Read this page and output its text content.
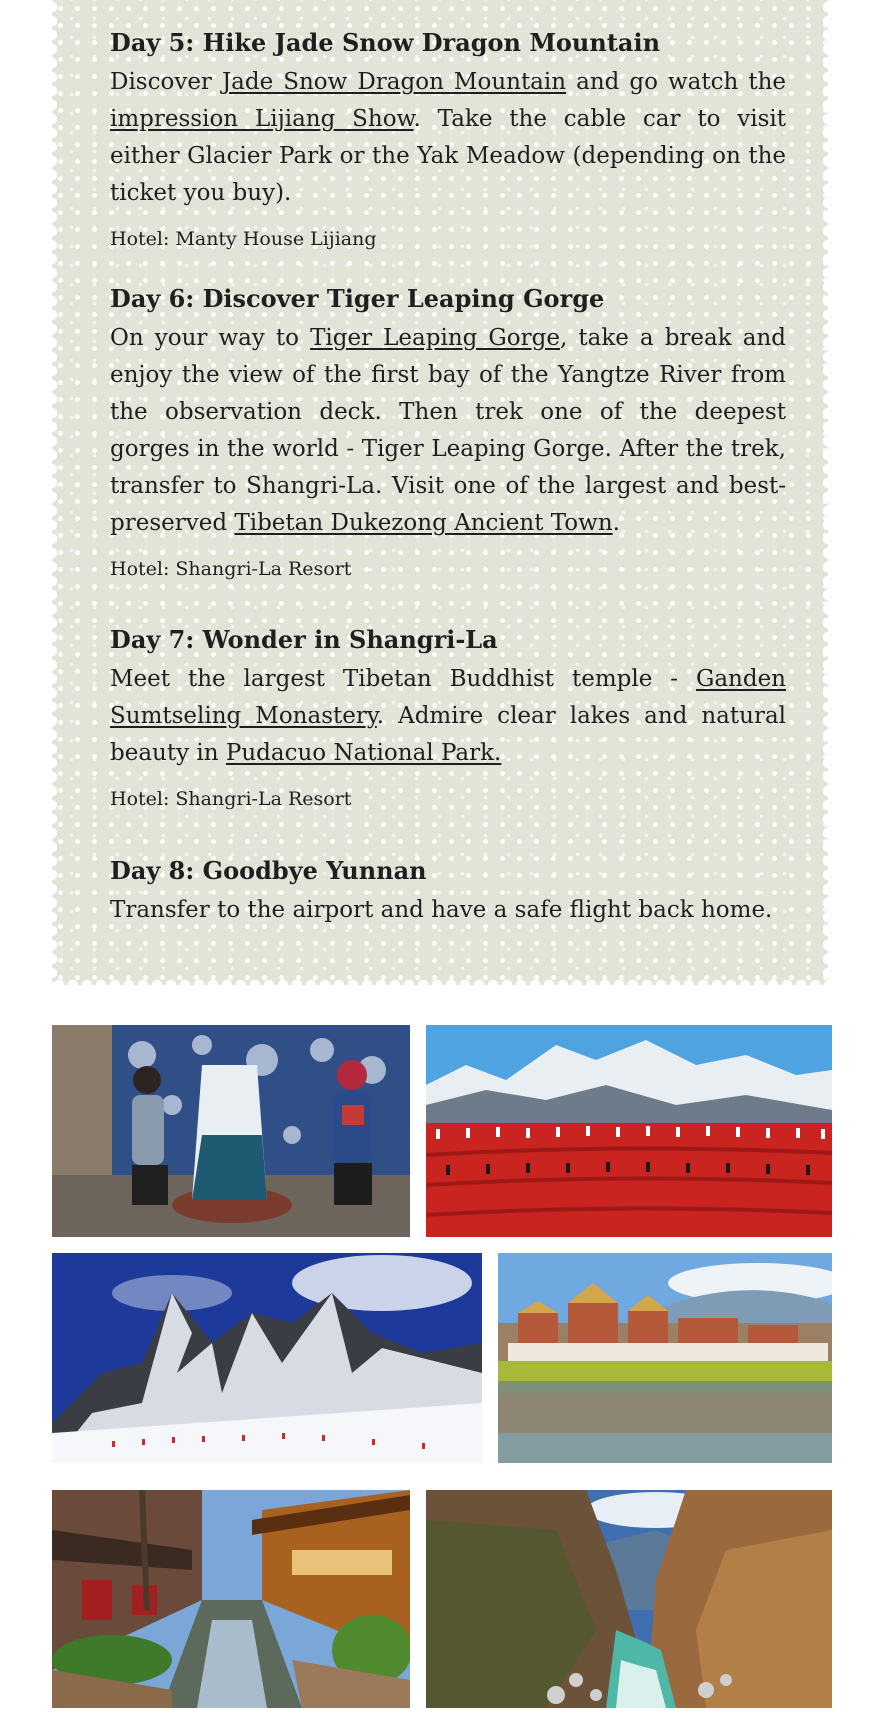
Day 5: Hike Jade Snow Dragon Mountain

Discover Jade Snow Dragon Mountain and go watch the impression Lijiang Show. Take the cable car to visit either Glacier Park or the Yak Meadow (depending on the ticket you buy).

Hotel: Manty House Lijiang

Day 6: Discover Tiger Leaping Gorge

On your way to Tiger Leaping Gorge, take a break and enjoy the view of the first bay of the Yangtze River from the observation deck. Then trek one of the deepest gorges in the world - Tiger Leaping Gorge. After the trek, transfer to Shangri-La. Visit one of the largest and best-preserved Tibetan Dukezong Ancient Town.

Hotel: Shangri-La Resort

Day 7: Wonder in Shangri-La

Meet the largest Tibetan Buddhist temple - Ganden Sumtseling Monastery. Admire clear lakes and natural beauty in Pudacuo National Park.

Hotel: Shangri-La Resort

Day 8: Goodbye Yunnan

Transfer to the airport and have a safe flight back home.
